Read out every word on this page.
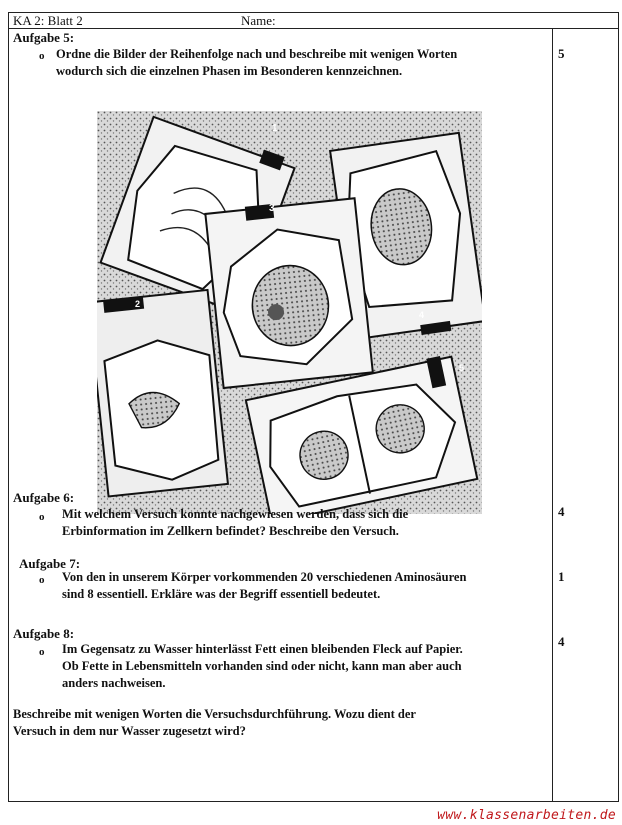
KA 2: Blatt 2	Name:
Aufgabe 5:
o Ordne die Bilder der Reihenfolge nach und beschreibe mit wenigen Worten
wodurch sich die einzelnen Phasen im Besonderen kennzeichnen.
5
1
4
3
2
5
Aufgabe 6:
o Mit welchem Versuch konnte nachgewiesen werden, dass sich die
Erbinformation im Zellkern befindet? Beschreibe den Versuch.
4
Aufgabe 7:
o Von den in unserem Körper vorkommenden 20 verschiedenen Aminosäuren
sind 8 essentiell. Erkläre was der Begriff essentiell bedeutet.
1
Aufgabe 8:
o Im Gegensatz zu Wasser hinterlässt Fett einen bleibenden Fleck auf Papier.
Ob Fette in Lebensmitteln vorhanden sind oder nicht, kann man aber auch
anders nachweisen.
4
Beschreibe mit wenigen Worten die Versuchsdurchführung. Wozu dient der
Versuch in dem nur Wasser zugesetzt wird?
www.klassenarbeiten.de
